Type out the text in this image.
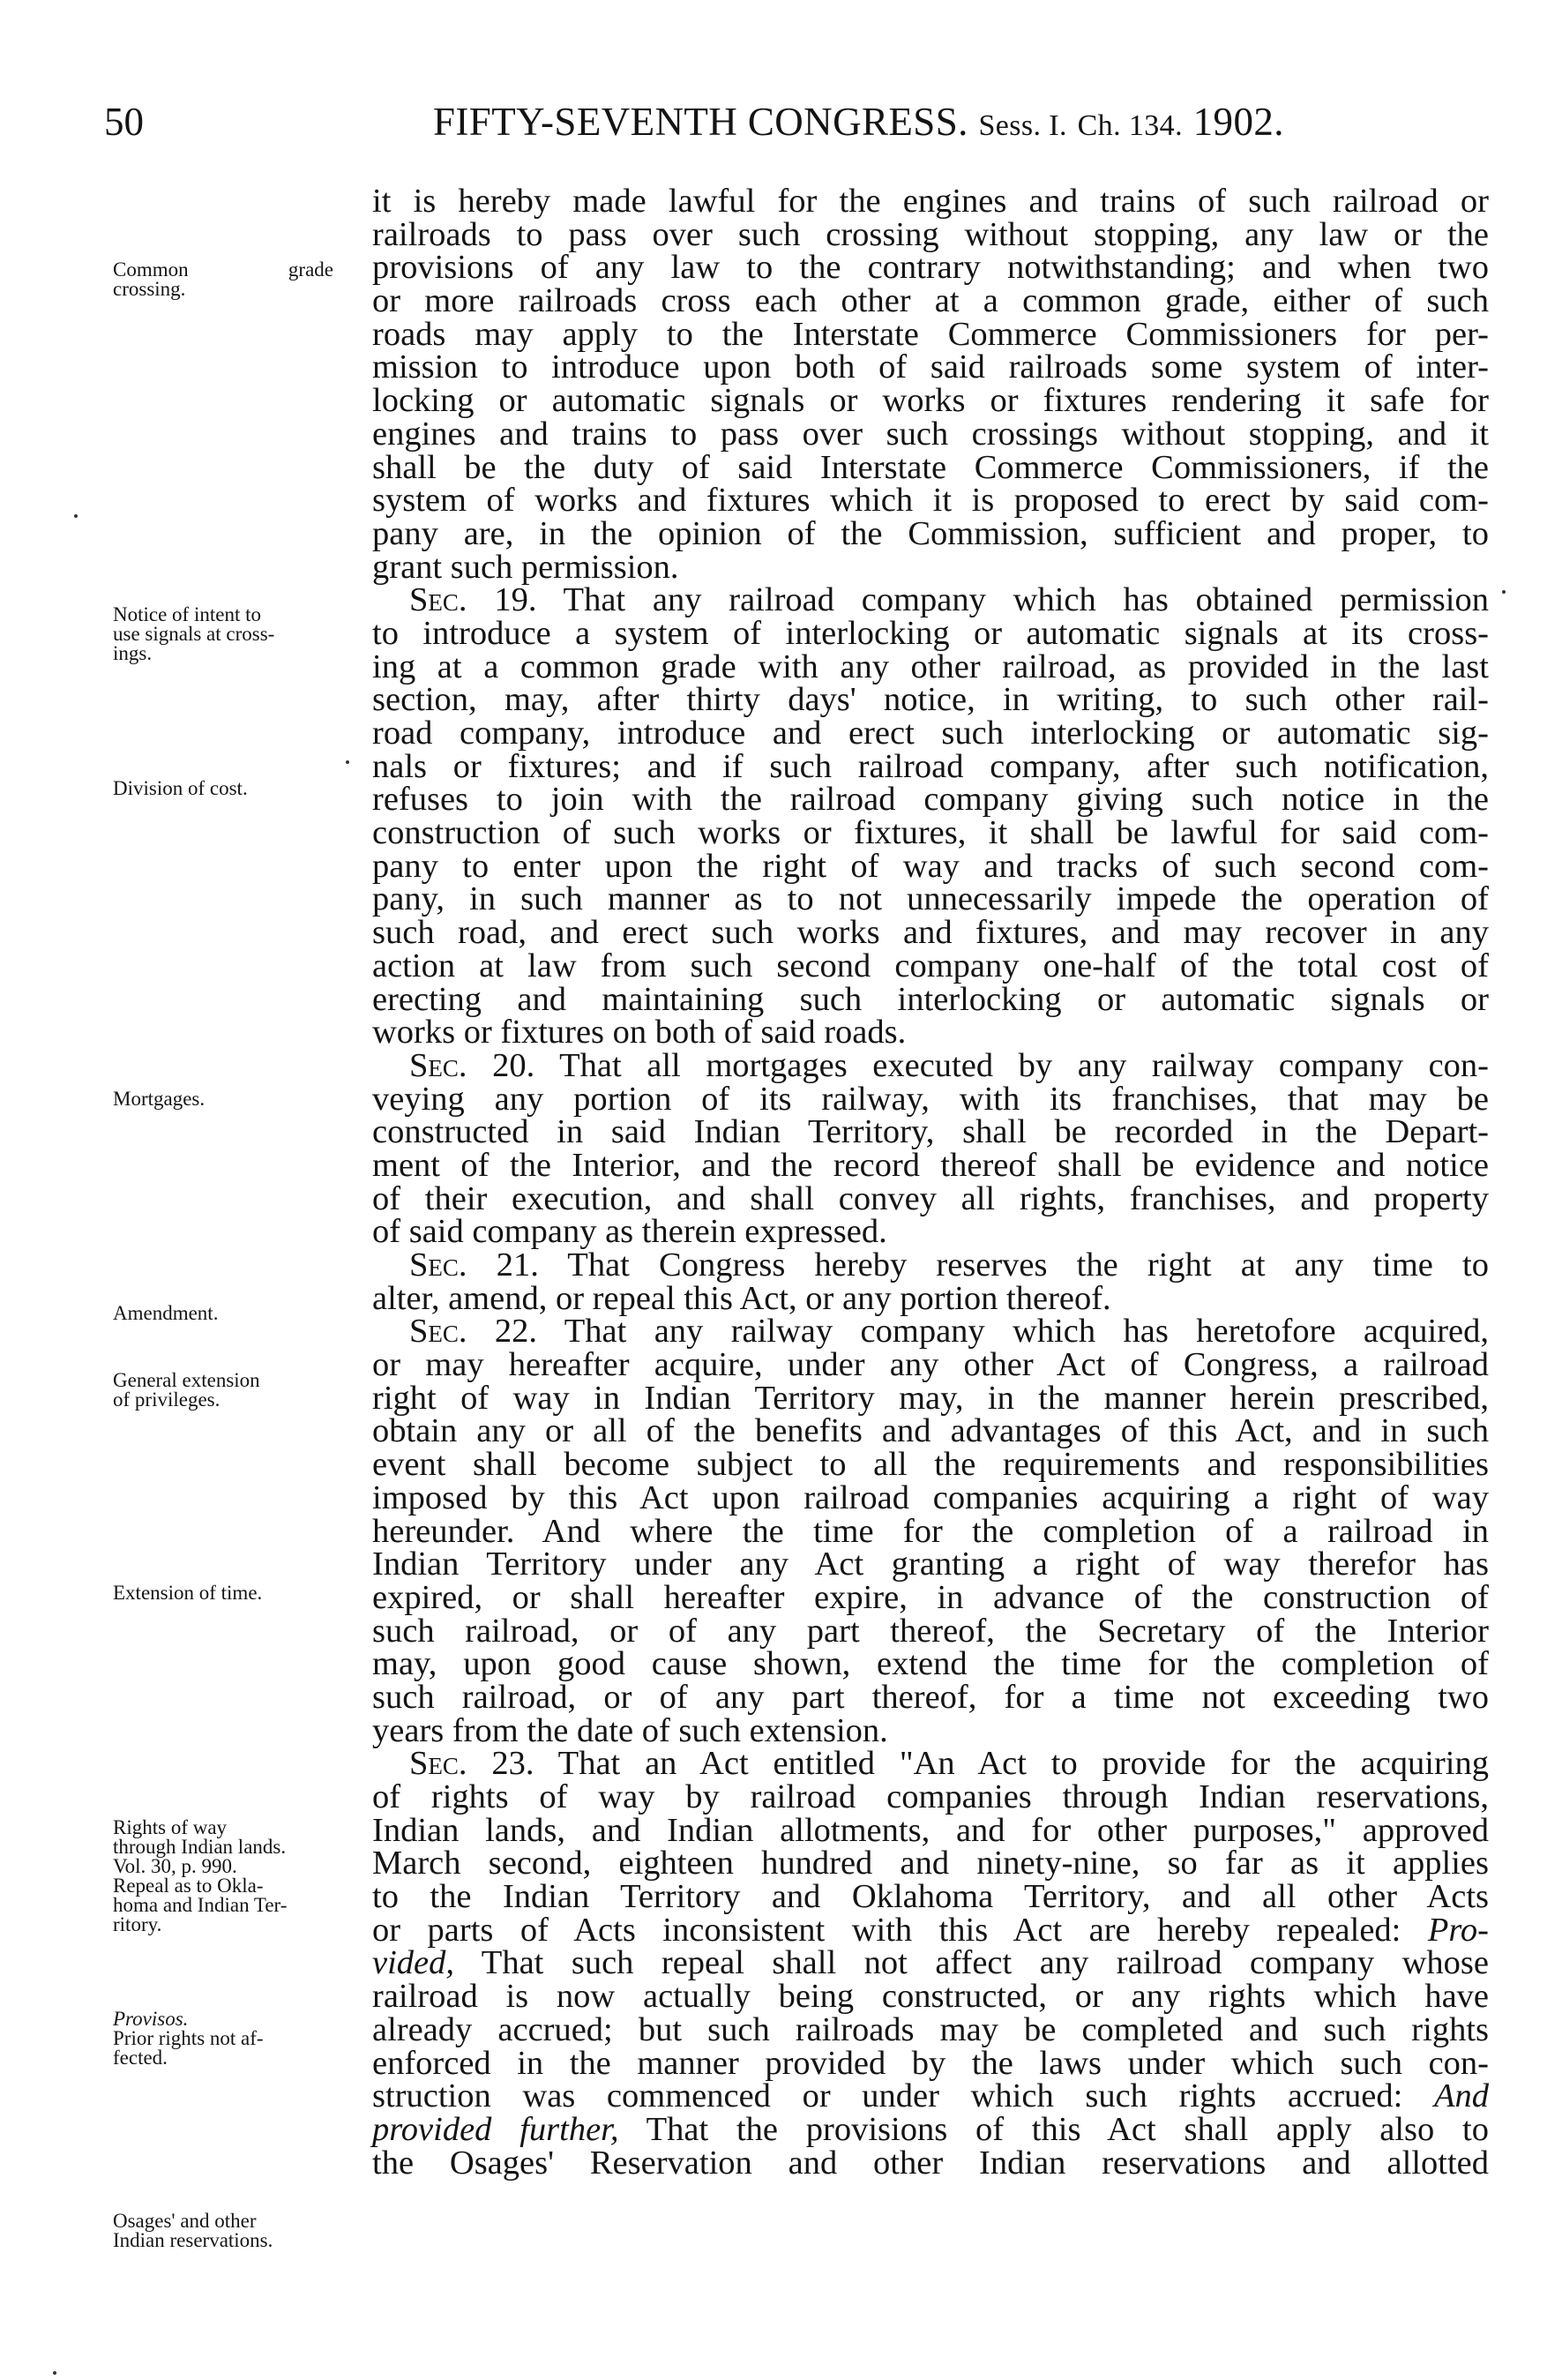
50	FIFTY-SEVENTH CONGRESS. Sess. I. Ch. 134. 1902.
Common grade
crossing.
Notice of intent to
use signals at cross-
ings.
Division of cost.
Mortgages.
Amendment.
General extension
of privileges.
Extension of time.
Rights of way
through Indian lands.
Vol. 30, p. 990.
Repeal as to Okla-
homa and Indian Ter-
ritory.
Provisos.
Prior rights not af-
fected.
Osages' and other
Indian reservations.
it is hereby made lawful for the engines and trains of such railroad or
railroads to pass over such crossing without stopping, any law or the
provisions of any law to the contrary notwithstanding; and when two
or more railroads cross each other at a common grade, either of such
roads may apply to the Interstate Commerce Commissioners for per-
mission to introduce upon both of said railroads some system of inter-
locking or automatic signals or works or fixtures rendering it safe for
engines and trains to pass over such crossings without stopping, and it
shall be the duty of said Interstate Commerce Commissioners, if the
system of works and fixtures which it is proposed to erect by said com-
pany are, in the opinion of the Commission, sufficient and proper, to
grant such permission.
Sec. 19. That any railroad company which has obtained permission
to introduce a system of interlocking or automatic signals at its cross-
ing at a common grade with any other railroad, as provided in the last
section, may, after thirty days' notice, in writing, to such other rail-
road company, introduce and erect such interlocking or automatic sig-
nals or fixtures; and if such railroad company, after such notification,
refuses to join with the railroad company giving such notice in the
construction of such works or fixtures, it shall be lawful for said com-
pany to enter upon the right of way and tracks of such second com-
pany, in such manner as to not unnecessarily impede the operation of
such road, and erect such works and fixtures, and may recover in any
action at law from such second company one-half of the total cost of
erecting and maintaining such interlocking or automatic signals or
works or fixtures on both of said roads.
Sec. 20. That all mortgages executed by any railway company con-
veying any portion of its railway, with its franchises, that may be
constructed in said Indian Territory, shall be recorded in the Depart-
ment of the Interior, and the record thereof shall be evidence and notice
of their execution, and shall convey all rights, franchises, and property
of said company as therein expressed.
Sec. 21. That Congress hereby reserves the right at any time to
alter, amend, or repeal this Act, or any portion thereof.
Sec. 22. That any railway company which has heretofore acquired,
or may hereafter acquire, under any other Act of Congress, a railroad
right of way in Indian Territory may, in the manner herein prescribed,
obtain any or all of the benefits and advantages of this Act, and in such
event shall become subject to all the requirements and responsibilities
imposed by this Act upon railroad companies acquiring a right of way
hereunder. And where the time for the completion of a railroad in
Indian Territory under any Act granting a right of way therefor has
expired, or shall hereafter expire, in advance of the construction of
such railroad, or of any part thereof, the Secretary of the Interior
may, upon good cause shown, extend the time for the completion of
such railroad, or of any part thereof, for a time not exceeding two
years from the date of such extension.
Sec. 23. That an Act entitled "An Act to provide for the acquiring
of rights of way by railroad companies through Indian reservations,
Indian lands, and Indian allotments, and for other purposes," approved
March second, eighteen hundred and ninety-nine, so far as it applies
to the Indian Territory and Oklahoma Territory, and all other Acts
or parts of Acts inconsistent with this Act are hereby repealed: Pro-
vided, That such repeal shall not affect any railroad company whose
railroad is now actually being constructed, or any rights which have
already accrued; but such railroads may be completed and such rights
enforced in the manner provided by the laws under which such con-
struction was commenced or under which such rights accrued: And
provided further, That the provisions of this Act shall apply also to
the Osages' Reservation and other Indian reservations and allotted
